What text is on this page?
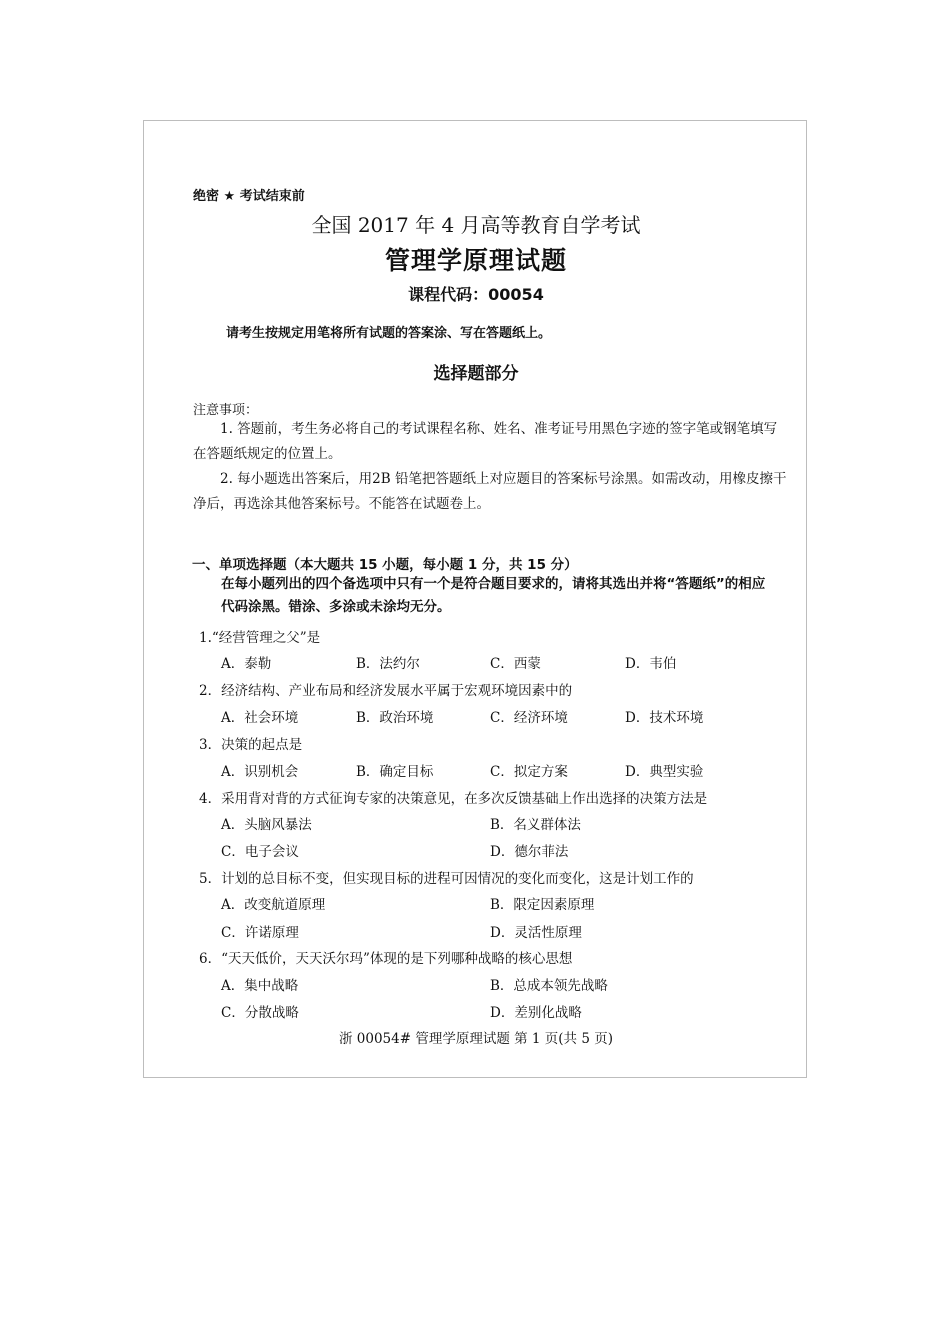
绝密 ★ 考试结束前
全国 2017 年 4 月高等教育自学考试
管理学原理试题
课程代码：00054
请考生按规定用笔将所有试题的答案涂、写在答题纸上。
选择题部分
注意事项：
1. 答题前，考生务必将自己的考试课程名称、姓名、准考证号用黑色字迹的签字笔或钢笔填写在答题纸规定的位置上。
2. 每小题选出答案后，用2B 铅笔把答题纸上对应题目的答案标号涂黑。如需改动，用橡皮擦干净后，再选涂其他答案标号。不能答在试题卷上。
一、单项选择题（本大题共 15 小题，每小题 1 分，共 15 分）
在每小题列出的四个备选项中只有一个是符合题目要求的，请将其选出并将“答题纸”的相应代码涂黑。错涂、多涂或未涂均无分。
1.“经营管理之父”是
A．泰勒	B．法约尔	C．西蒙	D．韦伯
2．经济结构、产业布局和经济发展水平属于宏观环境因素中的
A．社会环境	B．政治环境	C．经济环境	D．技术环境
3．决策的起点是
A．识别机会	B．确定目标	C．拟定方案	D．典型实验
4．采用背对背的方式征询专家的决策意见，在多次反馈基础上作出选择的决策方法是
A．头脑风暴法	B．名义群体法
C．电子会议	D．德尔菲法
5．计划的总目标不变，但实现目标的进程可因情况的变化而变化，这是计划工作的
A．改变航道原理	B．限定因素原理
C．许诺原理	D．灵活性原理
6．“天天低价，天天沃尔玛”体现的是下列哪种战略的核心思想
A．集中战略	B．总成本领先战略
C．分散战略	D．差别化战略
浙 00054# 管理学原理试题 第 1 页(共 5 页)
